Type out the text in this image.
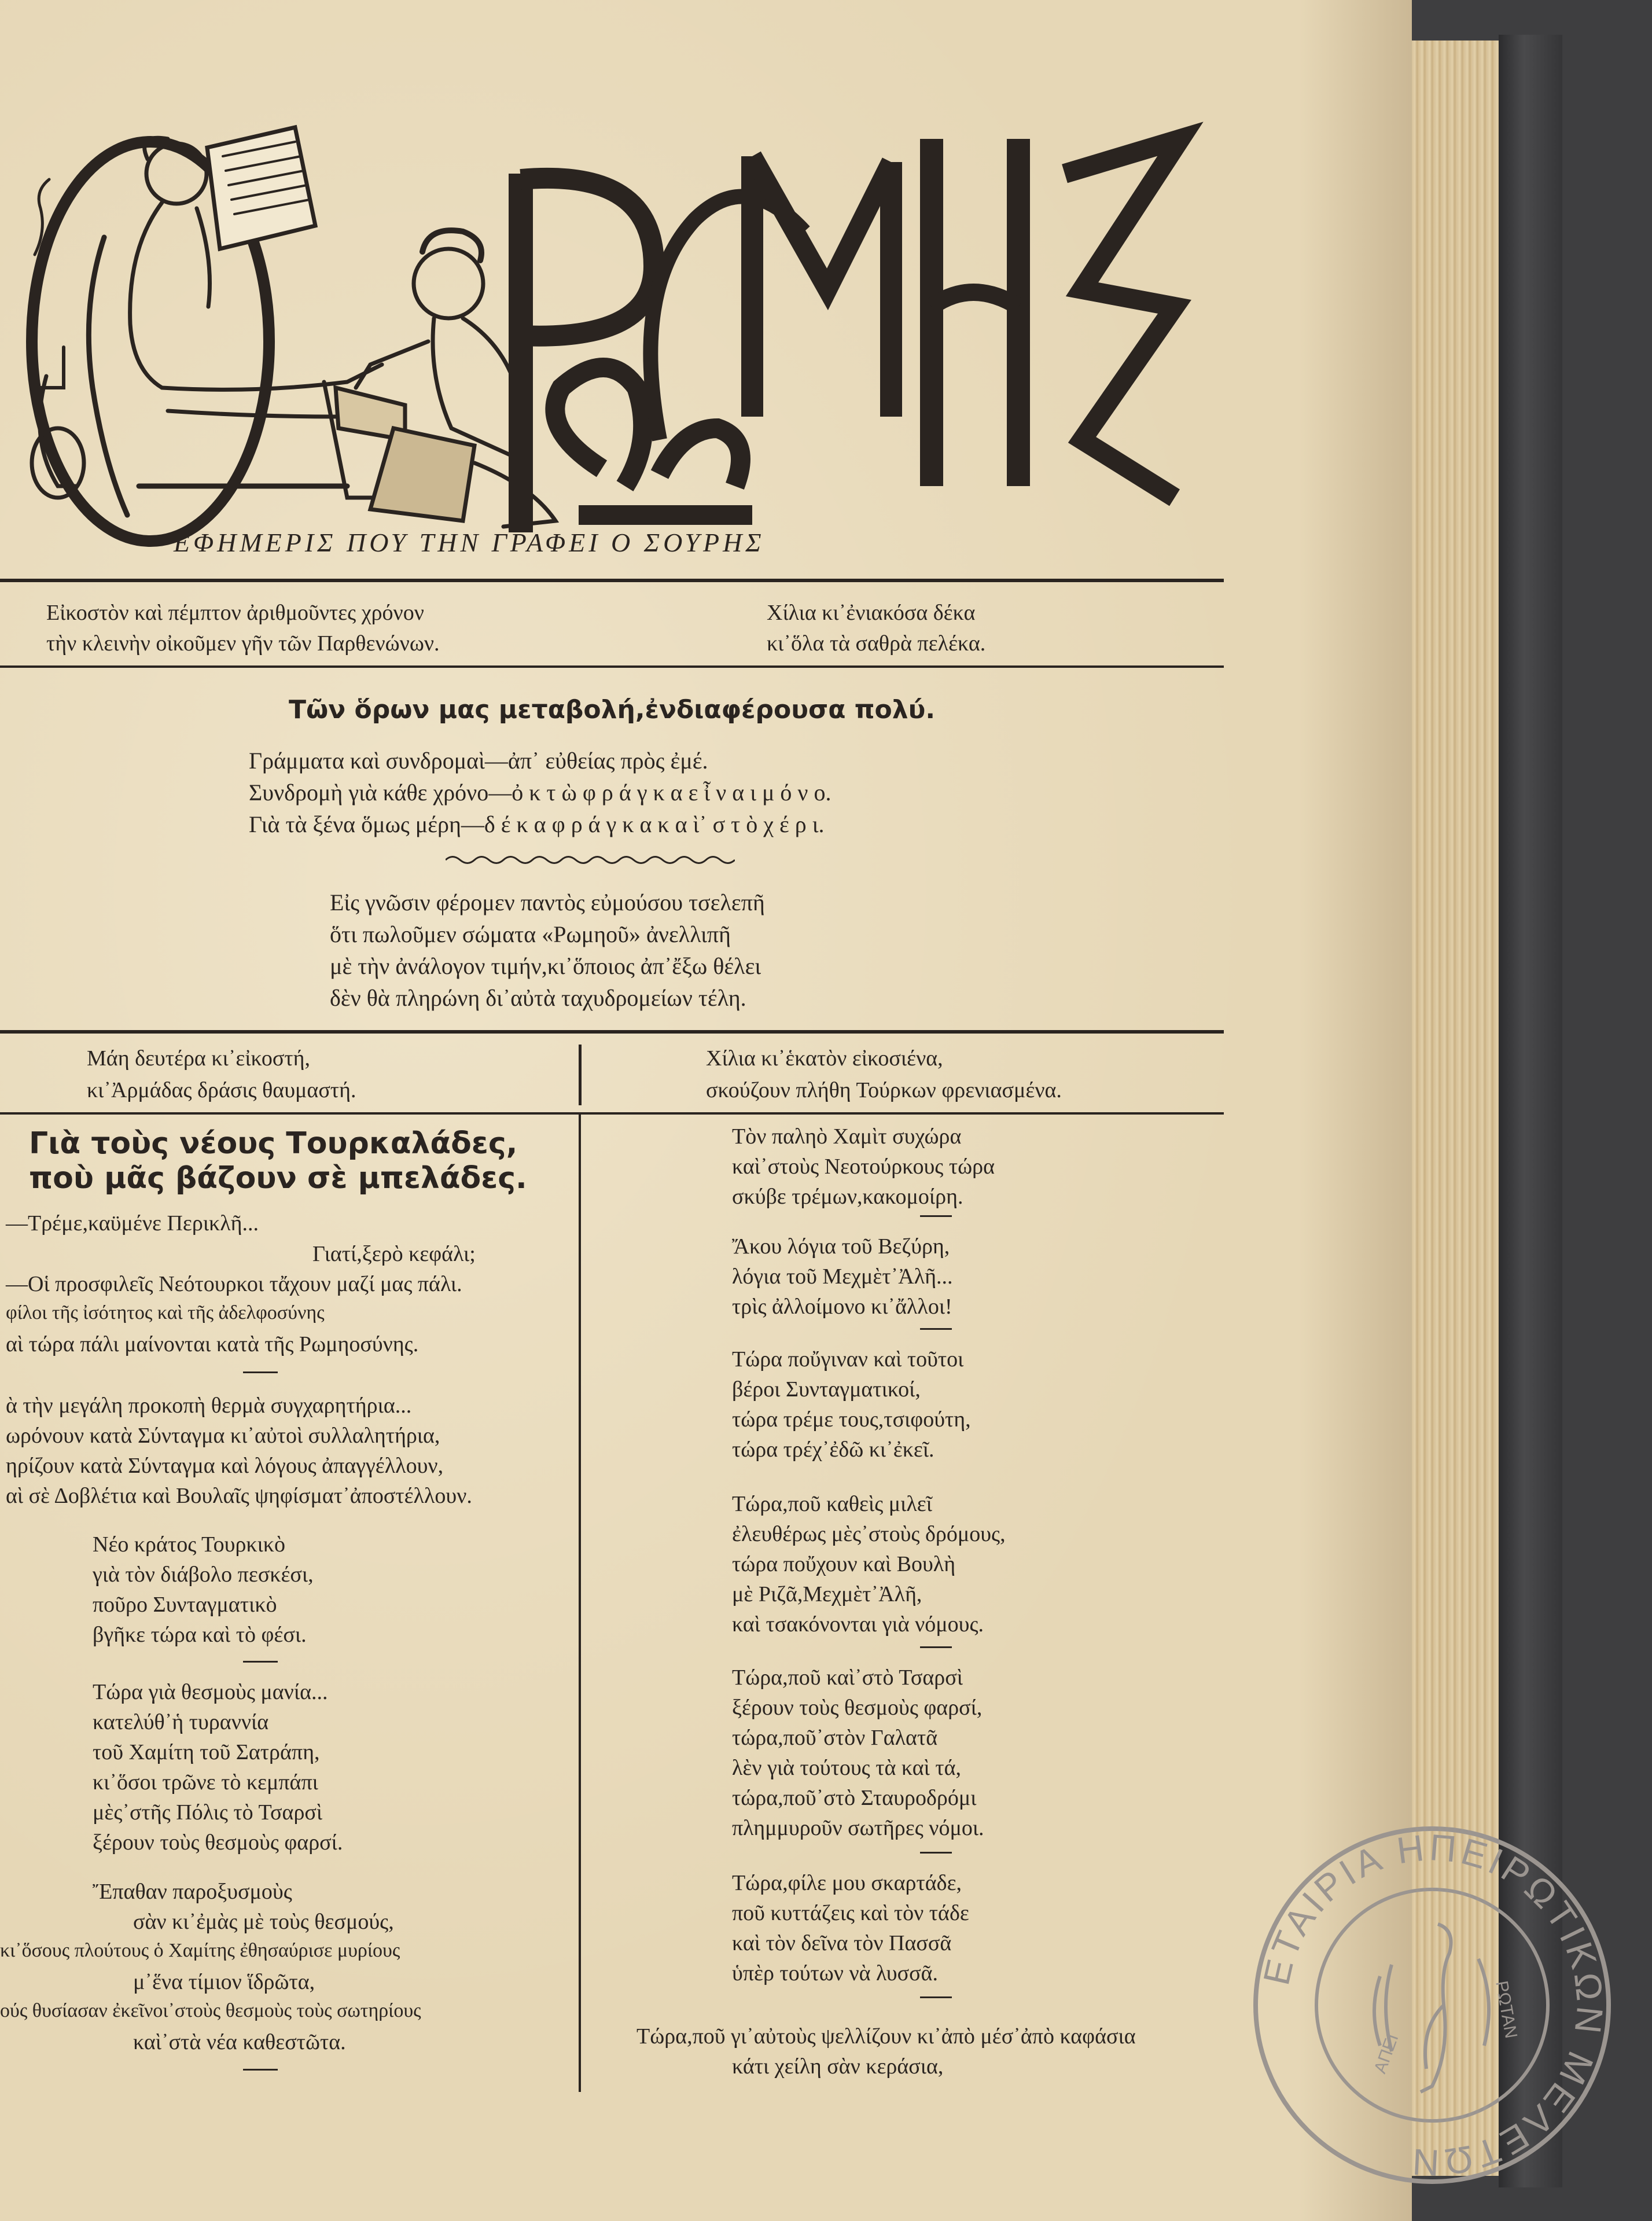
ΕΦΗΜΕΡΙΣ ΠΟΥ ΤΗΝ ΓΡΑΦΕΙ Ο ΣΟΥΡΗΣ
Εἰκοστὸν καὶ πέμπτον ἀριθμοῦντες χρόνον
τὴν κλεινὴν οἰκοῦμεν γῆν τῶν Παρθενώνων.
Χίλια κι᾽ἐνιακόσα δέκα
κι᾽ὅλα τὰ σαθρὰ πελέκα.
Τῶν ὅρων μας μεταβολή,ἐνδιαφέρουσα πολύ.
Γράμματα καὶ συνδρομαὶ—ἀπ᾽ εὐθείας πρὸς ἐμέ.
Συνδρομὴ γιὰ κάθε χρόνο—ὀ κ τ ὼ φ ρ ά γ κ α ε ἶ ν α ι μ ό ν ο.
Γιὰ τὰ ξένα ὅμως μέρη—δ έ κ α φ ρ ά γ κ α κ α ὶ᾽ σ τ ὸ χ έ ρ ι.
Εἰς γνῶσιν φέρομεν παντὸς εὐμούσου τσελεπῆ
ὅτι πωλοῦμεν σώματα «Ρωμηοῦ» ἀνελλιπῆ
μὲ τὴν ἀνάλογον τιμήν,κι᾽ὅποιος ἀπ᾽ἔξω θέλει
δὲν θὰ πληρώνη δι᾽αὐτὰ ταχυδρομείων τέλη.
Μάη δευτέρα κι᾽εἰκοστή,
κι᾽Ἀρμάδας δράσις θαυμαστή.
Χίλια κι᾽ἑκατὸν εἰκοσιένα,
σκούζουν πλήθη Τούρκων φρενιασμένα.
Γιὰ τοὺς νέους Τουρκαλάδες,
ποὺ μᾶς βάζουν σὲ μπελάδες.
—Τρέμε,καϋμένε Περικλῆ...
Γιατί,ξερὸ κεφάλι;
—Οἱ προσφιλεῖς Νεότουρκοι τἄχουν μαζί μας πάλι.
φίλοι τῆς ἰσότητος καὶ τῆς ἀδελφοσύνης
αὶ τώρα πάλι μαίνονται κατὰ τῆς Ρωμηοσύνης.
ὰ τὴν μεγάλη προκοπὴ θερμὰ συγχαρητήρια...
ωρόνουν κατὰ Σύνταγμα κι᾽αὐτοὶ συλλαλητήρια,
ηρίζουν κατὰ Σύνταγμα καὶ λόγους ἀπαγγέλλουν,
αὶ σὲ Δοβλέτια καὶ Βουλαῖς ψηφίσματ᾽ἀποστέλλουν.
Νέο κράτος Τουρκικὸ
γιὰ τὸν διάβολο πεσκέσι,
ποῦρο Συνταγματικὸ
βγῆκε τώρα καὶ τὸ φέσι.
Τώρα γιὰ θεσμοὺς μανία...
κατελύθ᾽ἡ τυραννία
τοῦ Χαμίτη τοῦ Σατράπη,
κι᾽ὅσοι τρῶνε τὸ κεμπάπι
μὲς᾽στῆς Πόλις τὸ Τσαρσὶ
ξέρουν τοὺς θεσμοὺς φαρσί.
Ἔπαθαν παροξυσμοὺς
σὰν κι᾽ἐμὰς μὲ τοὺς θεσμούς,
κι᾽ὅσους πλούτους ὁ Χαμίτης ἐθησαύρισε μυρίους
μ᾽ἕνα τίμιον ἵδρῶτα,
ούς θυσίασαν ἐκεῖνοι᾽στοὺς θεσμοὺς τοὺς σωτηρίους
καὶ᾽στὰ νέα καθεστῶτα.
Τὸν παληὸ Χαμὶτ συχώρα
καὶ᾽στοὺς Νεοτούρκους τώρα
σκύβε τρέμων,κακομοίρη.
Ἄκου λόγια τοῦ Βεζύρη,
λόγια τοῦ Μεχμὲτ᾽Ἀλῆ...
τρὶς ἀλλοίμονο κι᾽ἄλλοι!
Τώρα ποὔγιναν καὶ τοῦτοι
βέροι Συνταγματικοί,
τώρα τρέμε τους,τσιφούτη,
τώρα τρέχ᾽ἐδῶ κι᾽ἐκεῖ.
Τώρα,ποῦ καθεὶς μιλεῖ
ἐλευθέρως μὲς᾽στοὺς δρόμους,
τώρα ποὔχουν καὶ Βουλὴ
μὲ Ριζᾶ,Μεχμὲτ᾽Ἀλῆ,
καὶ τσακόνονται γιὰ νόμους.
Τώρα,ποῦ καὶ᾽στὸ Τσαρσὶ
ξέρουν τοὺς θεσμοὺς φαρσί,
τώρα,ποῦ᾽στὸν Γαλατᾶ
λὲν γιὰ τούτους τὰ καὶ τά,
τώρα,ποῦ᾽στὸ Σταυροδρόμι
πλημμυροῦν σωτῆρες νόμοι.
Τώρα,φίλε μου σκαρτάδε,
ποῦ κυττάζεις καὶ τὸν τάδε
καὶ τὸν δεῖνα τὸν Πασσᾶ
ὑπὲρ τούτων νὰ λυσσᾶ.
Τώρα,ποῦ γι᾽αὐτοὺς ψελλίζουν κι᾽ἀπὸ μέσ᾽ἀπὸ καφάσια
κάτι χείλη σὰν κεράσια,
ΕΤΑΙΡΙΑ ΗΠΕΙΡΩΤΙΚΩΝ ΜΕΛΕΤΩΝ
ΑΠΕΙ
ΡΩΤΑΝ
